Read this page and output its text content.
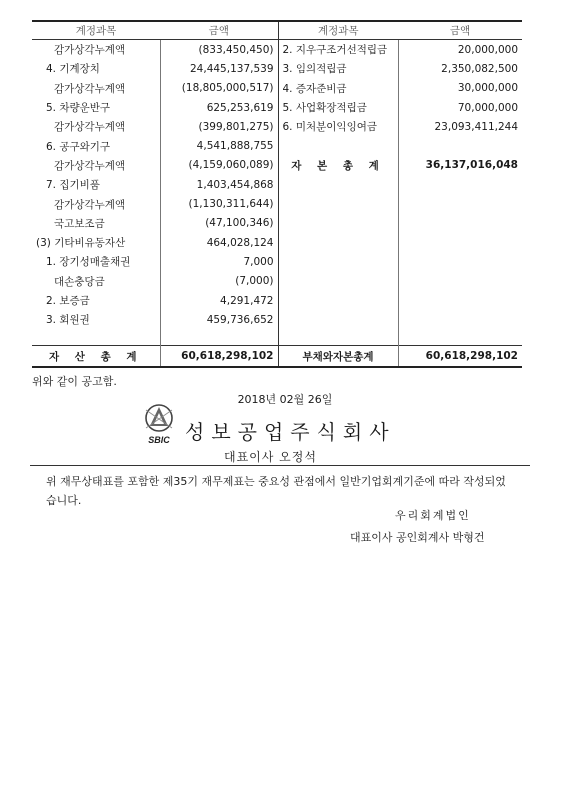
계정과목	금액	계정과목	금액
감가상각누계액	(833,450,450)	2. 지우구조거선적립금	20,000,000
4. 기계장치	24,445,137,539	3. 임의적립금	2,350,082,500
감가상각누계액	(18,805,000,517)	4. 증자준비금	30,000,000
5. 차량운반구	625,253,619	5. 사업확장적립금	70,000,000
감가상각누계액	(399,801,275)	6. 미처분이익잉여금	23,093,411,244
6. 공구와기구	4,541,888,755		
감가상각누계액	(4,159,060,089)	자 본 총 계	36,137,016,048
7. 집기비품	1,403,454,868		
감가상각누계액	(1,130,311,644)		
국고보조금	(47,100,346)		
(3) 기타비유동자산	464,028,124		
1. 장기성매출채권	7,000		
대손충당금	(7,000)		
2. 보증금	4,291,472		
3. 회원권	459,736,652		

자 산 총 계	60,618,298,102	부채와자본총계	60,618,298,102
위와 같이 공고함.
2018년 02월 26일
SBIC 성보공업주식회사
대표이사 오정석
위 재무상태표를 포함한 제35기 재무제표는 중요성 관점에서 일반기업회계기준에 따라 작성되었습니다.
우리회계법인
대표이사 공인회계사 박형건
